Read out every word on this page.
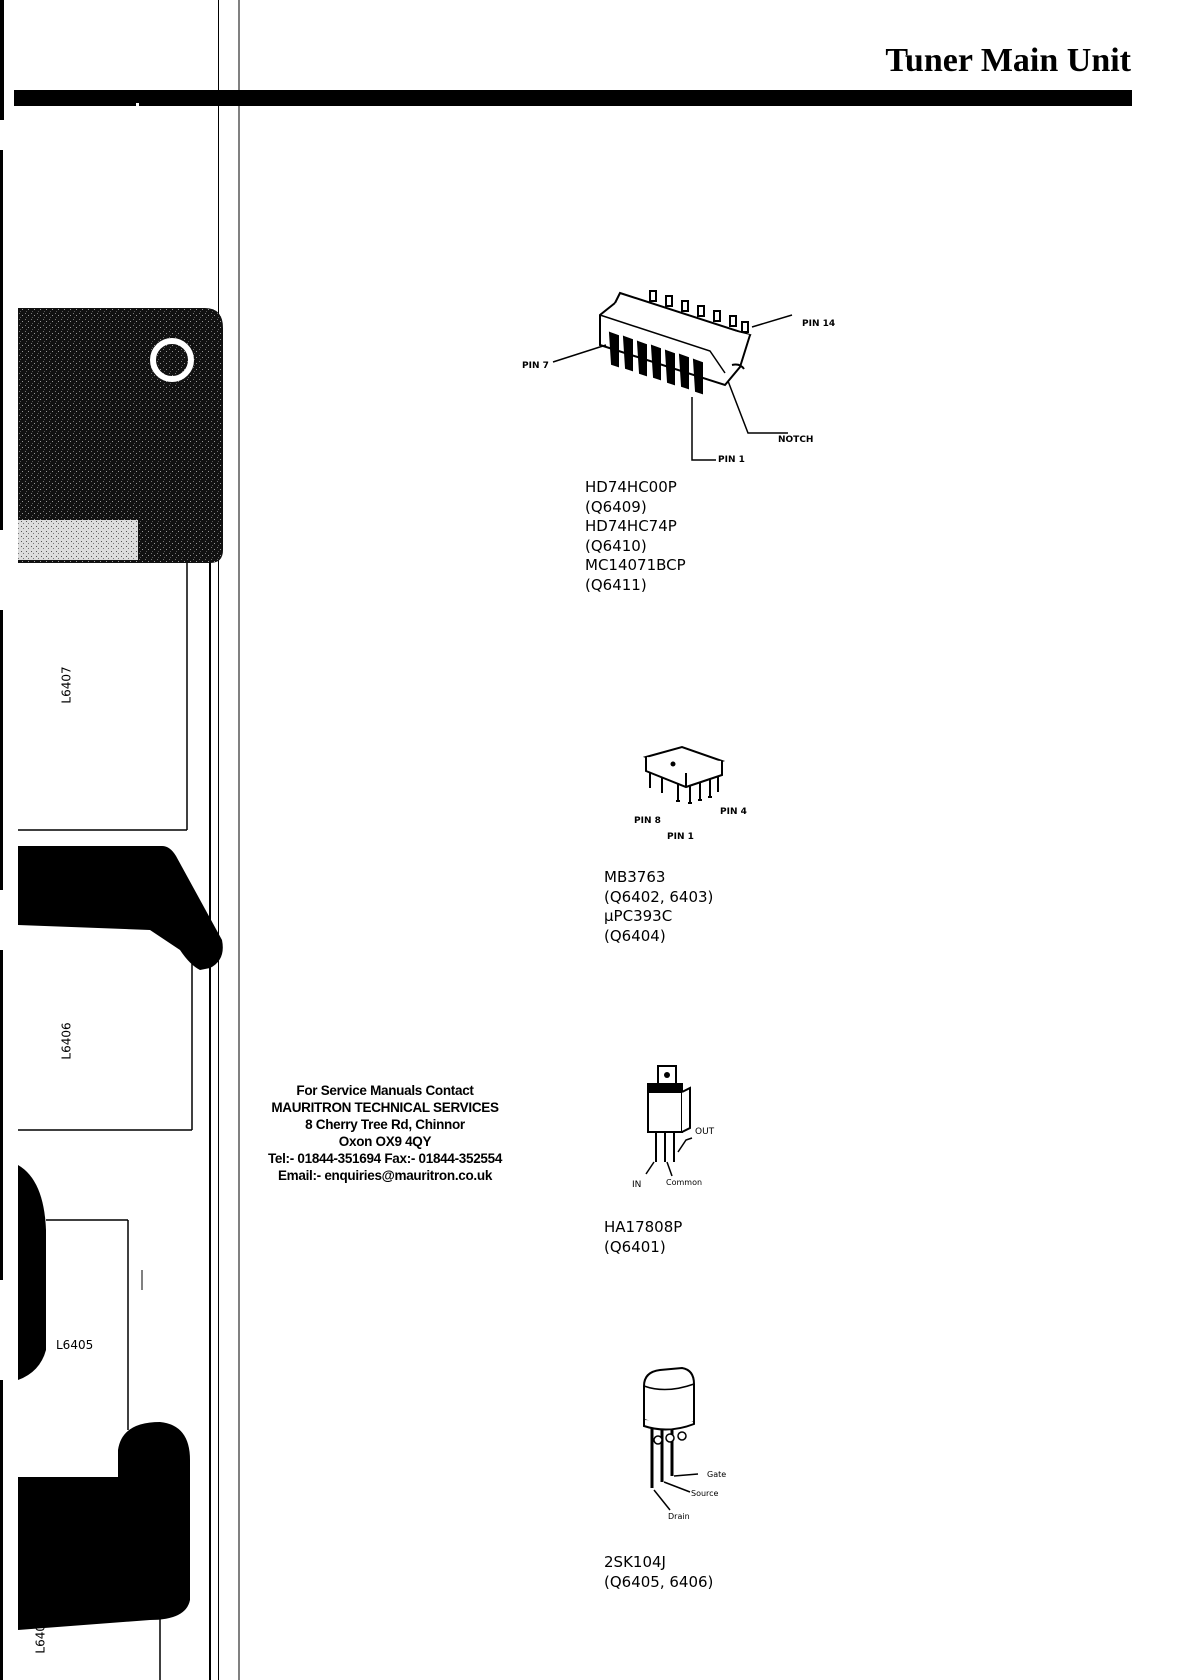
Tuner Main Unit
L6407
L6406
L6405
L6404
PIN 14
PIN 7
NOTCH
PIN 1
HD74HC00P
(Q6409)
HD74HC74P
(Q6410)
MC14071BCP
(Q6411)
PIN 8
PIN 4
PIN 1
MB3763
(Q6402, 6403)
μPC393C
(Q6404)
For Service Manuals Contact
MAURITRON TECHNICAL SERVICES
8 Cherry Tree Rd, Chinnor
Oxon OX9 4QY
Tel:- 01844-351694 Fax:- 01844-352554
Email:- enquiries@mauritron.co.uk
OUT
IN	Common
HA17808P
(Q6401)
Gate
Source
Drain
2SK104J
(Q6405, 6406)
